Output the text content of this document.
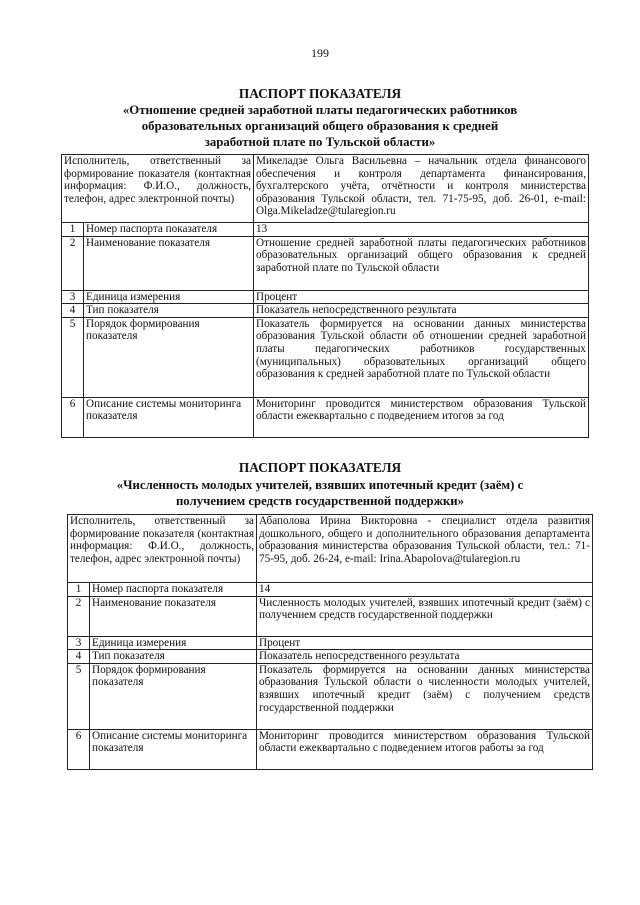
199
ПАСПОРТ ПОКАЗАТЕЛЯ
«Отношение средней заработной платы педагогических работников
образовательных организаций общего образования к средней
заработной плате по Тульской области»
Исполнитель, ответственный за формирование показателя (контактная информация: Ф.И.О., должность, телефон, адрес электронной почты)		Микеладзе Ольга Васильевна – начальник отдела финансового обеспечения и контроля департамента финансирования, бухгалтерского учёта, отчётности и контроля министерства образования Тульской области, тел. 71-75-95, доб. 26-01, e-mail: Olga.Mikeladze@tularegion.ru
1	Номер паспорта показателя	13
2	Наименование показателя	Отношение средней заработной платы педагогических работников образовательных организаций общего образования к средней заработной плате по Тульской области
3	Единица измерения	Процент
4	Тип показателя	Показатель непосредственного результата
5	Порядок формирования показателя	Показатель формируется на основании данных министерства образования Тульской области об отношении средней заработной платы педагогических работников государственных (муниципальных) образовательных организаций общего образования к средней заработной плате по Тульской области
6	Описание системы мониторинга показателя	Мониторинг проводится министерством образования Тульской области ежеквартально с подведением итогов за год
ПАСПОРТ ПОКАЗАТЕЛЯ
«Численность молодых учителей, взявших ипотечный кредит (заём) с
получением средств государственной поддержки»
Исполнитель, ответственный за формирование показателя (контактная информация: Ф.И.О., должность, телефон, адрес электронной почты)		Абаполова Ирина Викторовна - специалист отдела развития дошкольного, общего и дополнительного образования департамента образования министерства образования Тульской области, тел.: 71-75-95, доб. 26-24, e-mail: Irina.Abapolova@tularegion.ru
1	Номер паспорта показателя	14
2	Наименование показателя	Численность молодых учителей, взявших ипотечный кредит (заём) с получением средств государственной поддержки
3	Единица измерения	Процент
4	Тип показателя	Показатель непосредственного результата
5	Порядок формирования показателя	Показатель формируется на основании данных министерства образования Тульской области о численности молодых учителей, взявших ипотечный кредит (заём) с получением средств государственной поддержки
6	Описание системы мониторинга показателя	Мониторинг проводится министерством образования Тульской области ежеквартально с подведением итогов работы за год
